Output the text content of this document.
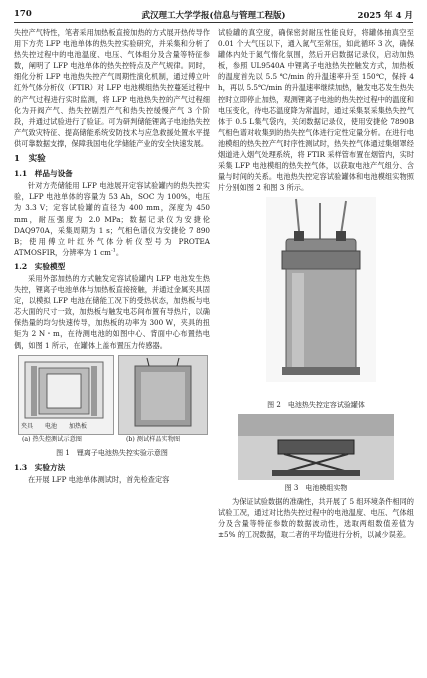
170	武汉理工大学学报(信息与管理工程版)	2025 年 4 月

失控产气特性，笔者采用加热板直接加热的方式展开热传导作用下方壳 LFP 电池单体的热失控实验研究，并采集和分析了热失控过程中的电池温度、电压、气体组分及含量等特征参数，阐明了 LFP 电池单体的热失控特点及产气规律。同时，细化分析 LFP 电池热失控产气周期性演化机制，通过傅立叶红外气体分析仪（FTIR）对 LFP 电池模组热失控蔓延过程中的产气过程进行实时监测，将 LFP 电池热失控的产气过程细化为开阀产气、热失控剧烈产气和热失控缓慢产气 3 个阶段，并通过试验进行了验证。可为研判储能锂离子电池热失控产气致灾特征、提高储能系统安防技术与应急救援处置水平提供可靠数据支撑，保障我国电化学储能产业的安全快速发展。

1　实验
1.1　样品与设备

针对方壳储能用 LFP 电池展开定容试验罐内的热失控实验，LFP 电池单体的容量为 53 Ah，SOC 为 100%，电压为 3.3 V；定容试验罐的直径为 400 mm，深度为 450 mm，耐压强度为 2.0 MPa；数据记录仪为安捷伦 DAQ970A，采集周期为 1 s；气相色谱仪为安捷伦 7 890 B；使用傅立叶红外气体分析仪型号为 PROTEA ATMOSFIR，分辨率为 1 $cm^{-1}$。

1.2　实验模型

采用外部加热的方式触发定容试验罐内 LFP 电池发生热失控，锂离子电池单体与加热板直接接触，并通过金属夹具固定，以模拟 LFP 电池在储能工况下的受热状态，加热板与电芯大面的尺寸一致，加热板与触发电芯间布置有导热片，以确保热量的均匀快速传导，加热板的功率为 300 W，夹具的扭矩为 2 N・m，在待测电池的如图中心、背面中心布置热电偶，如图 1 所示，在罐体上盖布置压力传感器。

夹具 电池 加热板
(a) 热失控测试示意图	(b) 测试样品实物图
图 1　锂离子电池热失控实验示意图
1.3　实验方法

在开展 LFP 电池单体测试时，首先检查定容

试验罐的真空度，确保密封耐压性能良好，将罐体抽真空至 0.01 个大气压以下，通入氮气至常压，如此循环 3 次，确保罐体内处于氮气惰化氛围，然后开启数据记录仪，启动加热板，参照 UL9540A 中锂离子电池热失控触发方式，加热板的温度首先以 5.5 ℃/min 的升温速率升至 150℃，保持 4 h，再以 5.5℃/min 的升温速率继续加热，触发电芯发生热失控时立即停止加热，观测锂离子电池的热失控过程中的温度和电压变化，待电芯温度降为常温时，通过采集泵采集热失控气体于 0.5 L集气袋内，关闭数据记录仪，使用安捷伦 7890B 气相色谱对收集到的热失控气体进行定性定量分析。在进行电池模组的热失控产气时序性测试时，热失控气体通过集烟罩经烟道进入烟气处理系统，将 FTIR 采样管布置在烟管内，实时采集 LFP 电池模组的热失控气体，以获取电池产气组分、含量与时间的关系。电池热失控定容试验罐体和电池模组实物照片分别如图 2 和图 3 所示。

图 2　电池热失控定容试验罐体
图 3　电池模组实物

为保证试验数据的准确性，共开展了 5 组环境条件相同的试验工况，通过对比热失控过程中的电池温度、电压、气体组分及含量等特征参数的数据波动性，选取两组数值差值为 ±5% 的工况数据，取二者的平均值进行分析，以减少误差。
